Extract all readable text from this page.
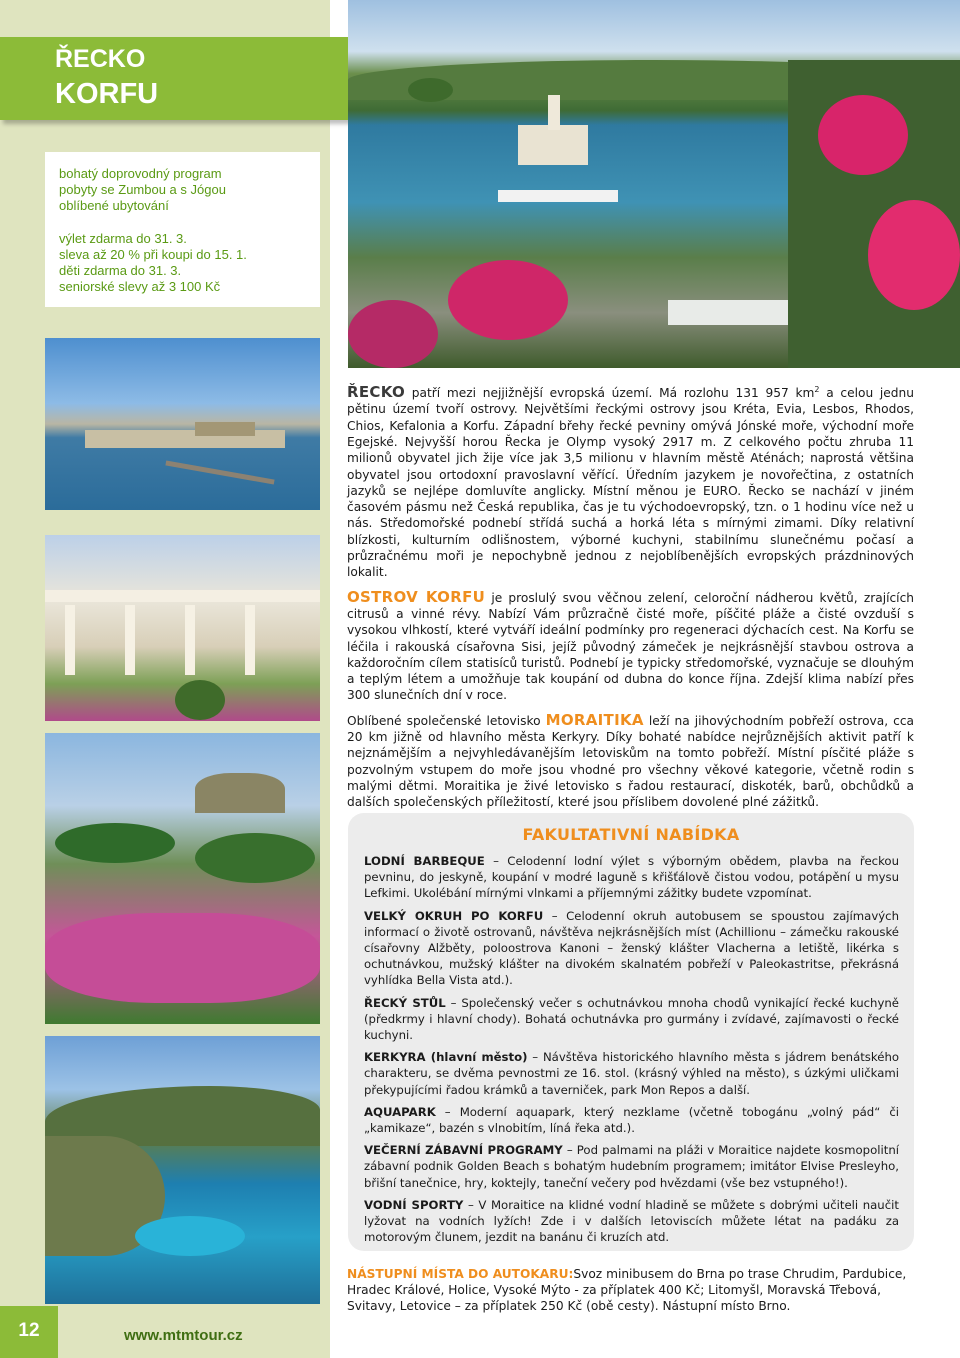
ŘECKO
KORFU
bohatý doprovodný program
pobyty se Zumbou a s Jógou
oblíbené ubytování
výlet zdarma do 31. 3.
sleva až 20 % při koupi do 15. 1.
děti zdarma do 31. 3.
seniorské slevy až 3 100 Kč

ŘECKO patří mezi nejjižnější evropská území. Má rozlohu 131 957 $km^2$ a celou jednu pětinu území tvoří ostrovy. Největšími řeckými ostrovy jsou Kréta, Evia, Lesbos, Rhodos, Chios, Kefalonia a Korfu. Západní břehy řecké pevniny omývá Jónské moře, východní moře Egejské. Nejvyšší horou Řecka je Olymp vysoký 2917 m. Z celkového počtu zhruba 11 milionů obyvatel jich žije více jak 3,5 milionu v hlavním městě Aténách; naprostá většina obyvatel jsou ortodoxní pravoslavní věřící. Úředním jazykem je novořečtina, z ostatních jazyků se nejlépe domluvíte anglicky. Místní měnou je EURO. Řecko se nachází v jiném časovém pásmu než Česká republika, čas je tu východoevropský, tzn. o 1 hodinu více než u nás. Středomořské podnebí střídá suchá a horká léta s mírnými zimami. Díky relativní blízkosti, kulturním odlišnostem, výborné kuchyni, stabilnímu slunečnému počasí a průzračnému moři je nepochybně jednou z nejoblíbenějších evropských prázdninových lokalit.

OSTROV KORFU je proslulý svou věčnou zelení, celoroční nádherou květů, zrajících citrusů a vinné révy. Nabízí Vám průzračně čisté moře, píščité pláže a čisté ovzduší s vysokou vlhkostí, které vytváří ideální podmínky pro regeneraci dýchacích cest. Na Korfu se léčila i rakouská císařovna Sisi, jejíž původný zámeček je nejkrásnější stavbou ostrova a každoročním cílem statisíců turistů. Podnebí je typicky středomořské, vyznačuje se dlouhým a teplým létem a umožňuje tak koupání od dubna do konce října. Zdejší klima nabízí přes 300 slunečních dní v roce.

Oblíbené společenské letovisko MORAITIKA leží na jihovýchodním pobřeží ostrova, cca 20 km jižně od hlavního města Kerkyry. Díky bohaté nabídce nejrůznějších aktivit patří k nejznámějším a nejvyhledávanějším letoviskům na tomto pobřeží. Místní písčité pláže s pozvolným vstupem do moře jsou vhodné pro všechny věkové kategorie, včetně rodin s malými dětmi. Moraitika je živé letovisko s řadou restaurací, diskoték, barů, obchůdků a dalších společenských příležitostí, které jsou příslibem dovolené plné zážitků.

FAKULTATIVNÍ NABÍDKA
LODNÍ BARBEQUE – Celodenní lodní výlet s výborným obědem, plavba na řeckou pevninu, do jeskyně, koupání v modré laguně s křišťálově čistou vodou, potápění u mysu Lefkimi. Ukolébání mírnými vlnkami a příjemnými zážitky budete vzpomínat.
VELKÝ OKRUH PO KORFU – Celodenní okruh autobusem se spoustou zajímavých informací o životě ostrovanů, návštěva nejkrásnějších míst (Achillionu – zámečku rakouské císařovny Alžběty, poloostrova Kanoni – ženský klášter Vlacherna a letiště, likérka s ochutnávkou, mužský klášter na divokém skalnatém pobřeží v Paleokastritse, překrásná vyhlídka Bella Vista atd.).
ŘECKÝ STŮL – Společenský večer s ochutnávkou mnoha chodů vynikající řecké kuchyně (předkrmy i hlavní chody). Bohatá ochutnávka pro gurmány i zvídavé, zajímavosti o řecké kuchyni.
KERKYRA (hlavní město) – Návštěva historického hlavního města s jádrem benátského charakteru, se dvěma pevnostmi ze 16. stol. (krásný výhled na město), s úzkými uličkami překypujícími řadou krámků a taverniček, park Mon Repos a další.
AQUAPARK – Moderní aquapark, který nezklame (včetně tobogánu „volný pád“ či „kamikaze“, bazén s vlnobitím, líná řeka atd.).
VEČERNÍ ZÁBAVNÍ PROGRAMY – Pod palmami na pláži v Moraitice najdete kosmopolitní zábavní podnik Golden Beach s bohatým hudebním programem; imitátor Elvise Presleyho, břišní tanečnice, hry, koktejly, taneční večery pod hvězdami (vše bez vstupného!).
VODNÍ SPORTY – V Moraitice na klidné vodní hladině se můžete s dobrými učiteli naučit lyžovat na vodních lyžích! Zde i v dalších letoviscích můžete létat na padáku za motorovým člunem, jezdit na banánu či kruzích atd.
NÁSTUPNÍ MÍSTA DO AUTOKARU:Svoz minibusem do Brna po trase Chrudim, Pardubice, Hradec Králové, Holice, Vysoké Mýto - za příplatek 400 Kč; Litomyšl, Moravská Třebová, Svitavy, Letovice – za příplatek 250 Kč (obě cesty). Nástupní místo Brno.
12	www.mtmtour.cz
